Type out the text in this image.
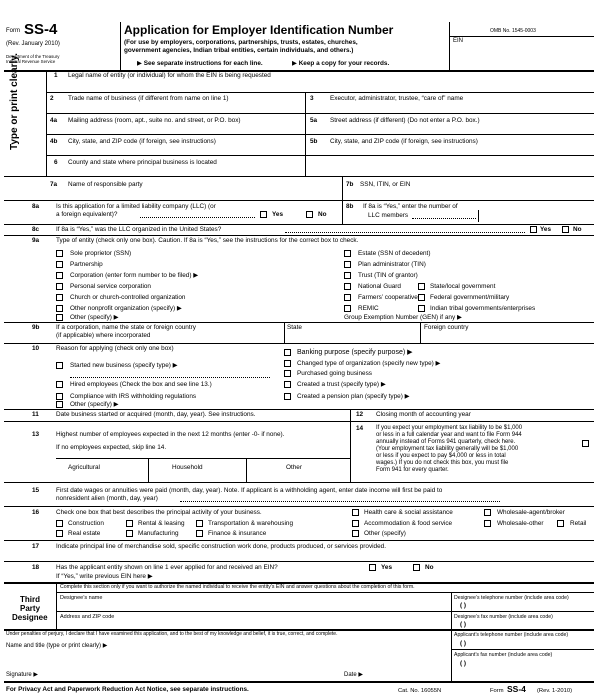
Form SS-4
(Rev. January 2010)
Department of the Treasury
Internal Revenue Service
Application for Employer Identification Number
(For use by employers, corporations, partnerships, trusts, estates, churches,
government agencies, Indian tribal entities, certain individuals, and others.)
▶ See separate instructions for each line.	▶ Keep a copy for your records.
OMB No. 1545-0003
EIN
Type or print clearly.	1 Legal name of entity (or individual) for whom the EIN is being requested
2 Trade name of business (if different from name on line 1)	3	Executor, administrator, trustee, “care of” name
4a Mailing address (room, apt., suite no. and street, or P.O. box)	5a Street address (if different) (Do not enter a P.O. box.)
4b City, state, and ZIP code (if foreign, see instructions)	5b City, state, and ZIP code (if foreign, see instructions)
6 County and state where principal business is located
7a Name of responsible party	7b SSN, ITIN, or EIN
8a	Is this application for a limited liability company (LLC) (or
a foreign equivalent)?	Yes	No
8b If 8a is “Yes,” enter the number of
LLC members
8c	If 8a is “Yes,” was the LLC organized in the United States?	Yes	No
9a	Type of entity (check only one box). Caution. If 8a is “Yes,” see the instructions for the correct box to check.
Sole proprietor (SSN)
Partnership
Corporation (enter form number to be filed) ▶
Personal service corporation
Church or church-controlled organization
Other nonprofit organization (specify) ▶
Other (specify) ▶
Estate (SSN of decedent)
Plan administrator (TIN)
Trust (TIN of grantor)
National Guard
Farmers’ cooperative
REMIC
State/local government
Federal government/military
Indian tribal governments/enterprises
Group Exemption Number (GEN) if any ▶
9b	If a corporation, name the state or foreign country
(if applicable) where incorporated
State	Foreign country
10	Reason for applying (check only one box)
Started new business (specify type) ▶
Hired employees (Check the box and see line 13.)
Compliance with IRS withholding regulations
Other (specify) ▶
Banking purpose (specify purpose) ▶
Changed type of organization (specify new type) ▶
Purchased going business
Created a trust (specify type) ▶
Created a pension plan (specify type) ▶
11	Date business started or acquired (month, day, year). See instructions.	12 Closing month of accounting year
13	Highest number of employees expected in the next 12 months (enter -0- if none).
If no employees expected, skip line 14.
Agricultural	Household	Other
14 If you expect your employment tax liability to be $1,000
or less in a full calendar year and want to file Form 944
annually instead of Forms 941 quarterly, check here.
(Your employment tax liability generally will be $1,000
or less if you expect to pay $4,000 or less in total
wages.) If you do not check this box, you must file
Form 941 for every quarter.
15	First date wages or annuities were paid (month, day, year). Note. If applicant is a withholding agent, enter date income will first be paid to
nonresident alien (month, day, year)
16	Check one box that best describes the principal activity of your business.	Health care & social assistance	Wholesale-agent/broker
Construction	Rental & leasing	Transportation & warehousing	Accommodation & food service	Wholesale-other	Retail
Real estate	Manufacturing	Finance & insurance	Other (specify)
17	Indicate principal line of merchandise sold, specific construction work done, products produced, or services provided.
18	Has the applicant entity shown on line 1 ever applied for and received an EIN?	Yes	No
If “Yes,” write previous EIN here ▶
Third
Party
Designee
Complete this section only if you want to authorize the named individual to receive the entity’s EIN and answer questions about the completion of this form.
Designee’s name	Designee’s telephone number (include area code)
( )
Address and ZIP code	Designee’s fax number (include area code)
( )
Under penalties of perjury, I declare that I have examined this application, and to the best of my knowledge and belief, it is true, correct, and complete.	Applicant’s telephone number (include area code)
Name and title (type or print clearly) ▶	( )
Applicant’s fax number (include area code)
( )
Signature ▶	Date ▶
For Privacy Act and Paperwork Reduction Act Notice, see separate instructions.	Cat. No. 16055N	Form SS-4 (Rev. 1-2010)
